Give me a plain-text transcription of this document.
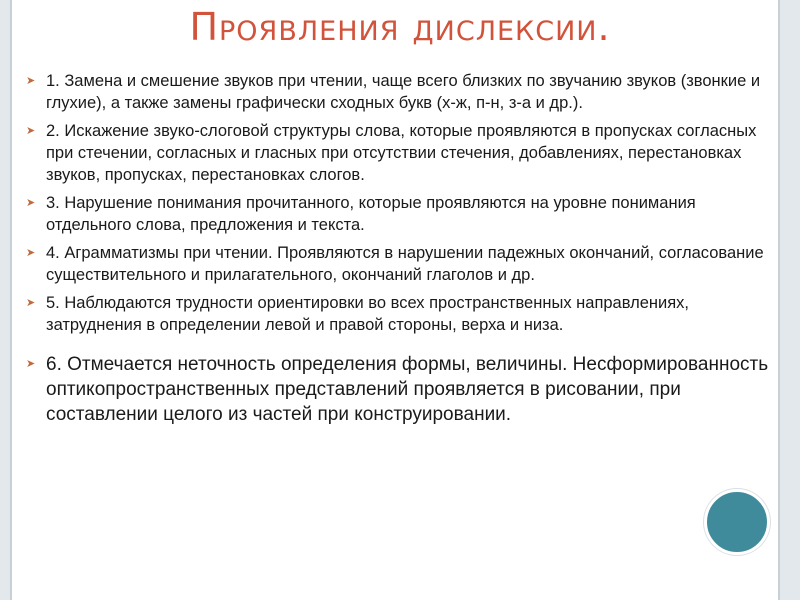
Проявления дислексии.
➤ 1. Замена и смешение звуков при чтении, чаще всего близких по звучанию звуков (звонкие и глухие), а также замены графически сходных букв (х-ж, п-н, з-а и др.).
➤ 2. Искажение звуко-слоговой структуры слова, которые проявляются в пропусках согласных при стечении, согласных и гласных при отсутствии стечения, добавлениях, перестановках звуков, пропусках, перестановках слогов.
➤ 3. Нарушение понимания прочитанного, которые проявляются на уровне понимания отдельного слова, предложения и текста.
➤ 4. Аграмматизмы при чтении. Проявляются в нарушении падежных окончаний, согласование существительного и прилагательного, окончаний глаголов и др.
➤ 5. Наблюдаются трудности ориентировки во всех пространственных направлениях, затруднения в определении левой и правой стороны, верха и низа.
➤ 6. Отмечается неточность определения формы, величины. Несформированность оптикопространственных представлений проявляется в рисовании, при составлении целого из частей при конструировании.
